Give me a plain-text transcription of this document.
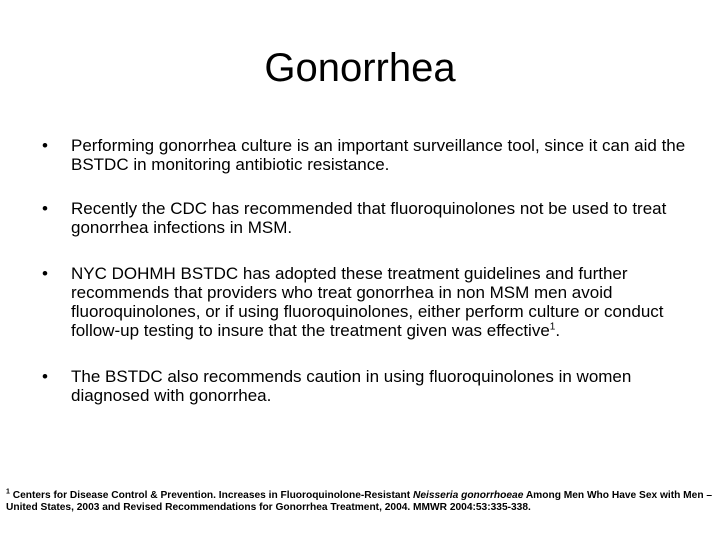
Gonorrhea
• Performing gonorrhea culture is an important surveillance tool, since it can aid the BSTDC in monitoring antibiotic resistance.
• Recently the CDC has recommended that fluoroquinolones not be used to treat gonorrhea infections in MSM.
• NYC DOHMH BSTDC has adopted these treatment guidelines and further recommends that providers who treat gonorrhea in non MSM men avoid fluoroquinolones, or if using fluoroquinolones, either perform culture or conduct follow-up testing to insure that the treatment given was effective$^1$.
• The BSTDC also recommends caution in using fluoroquinolones in women diagnosed with gonorrhea.
$^1$ Centers for Disease Control & Prevention. Increases in Fluoroquinolone-Resistant Neisseria gonorrhoeae Among Men Who Have Sex with Men – United States, 2003 and Revised Recommendations for Gonorrhea Treatment, 2004. MMWR 2004:53:335-338.
